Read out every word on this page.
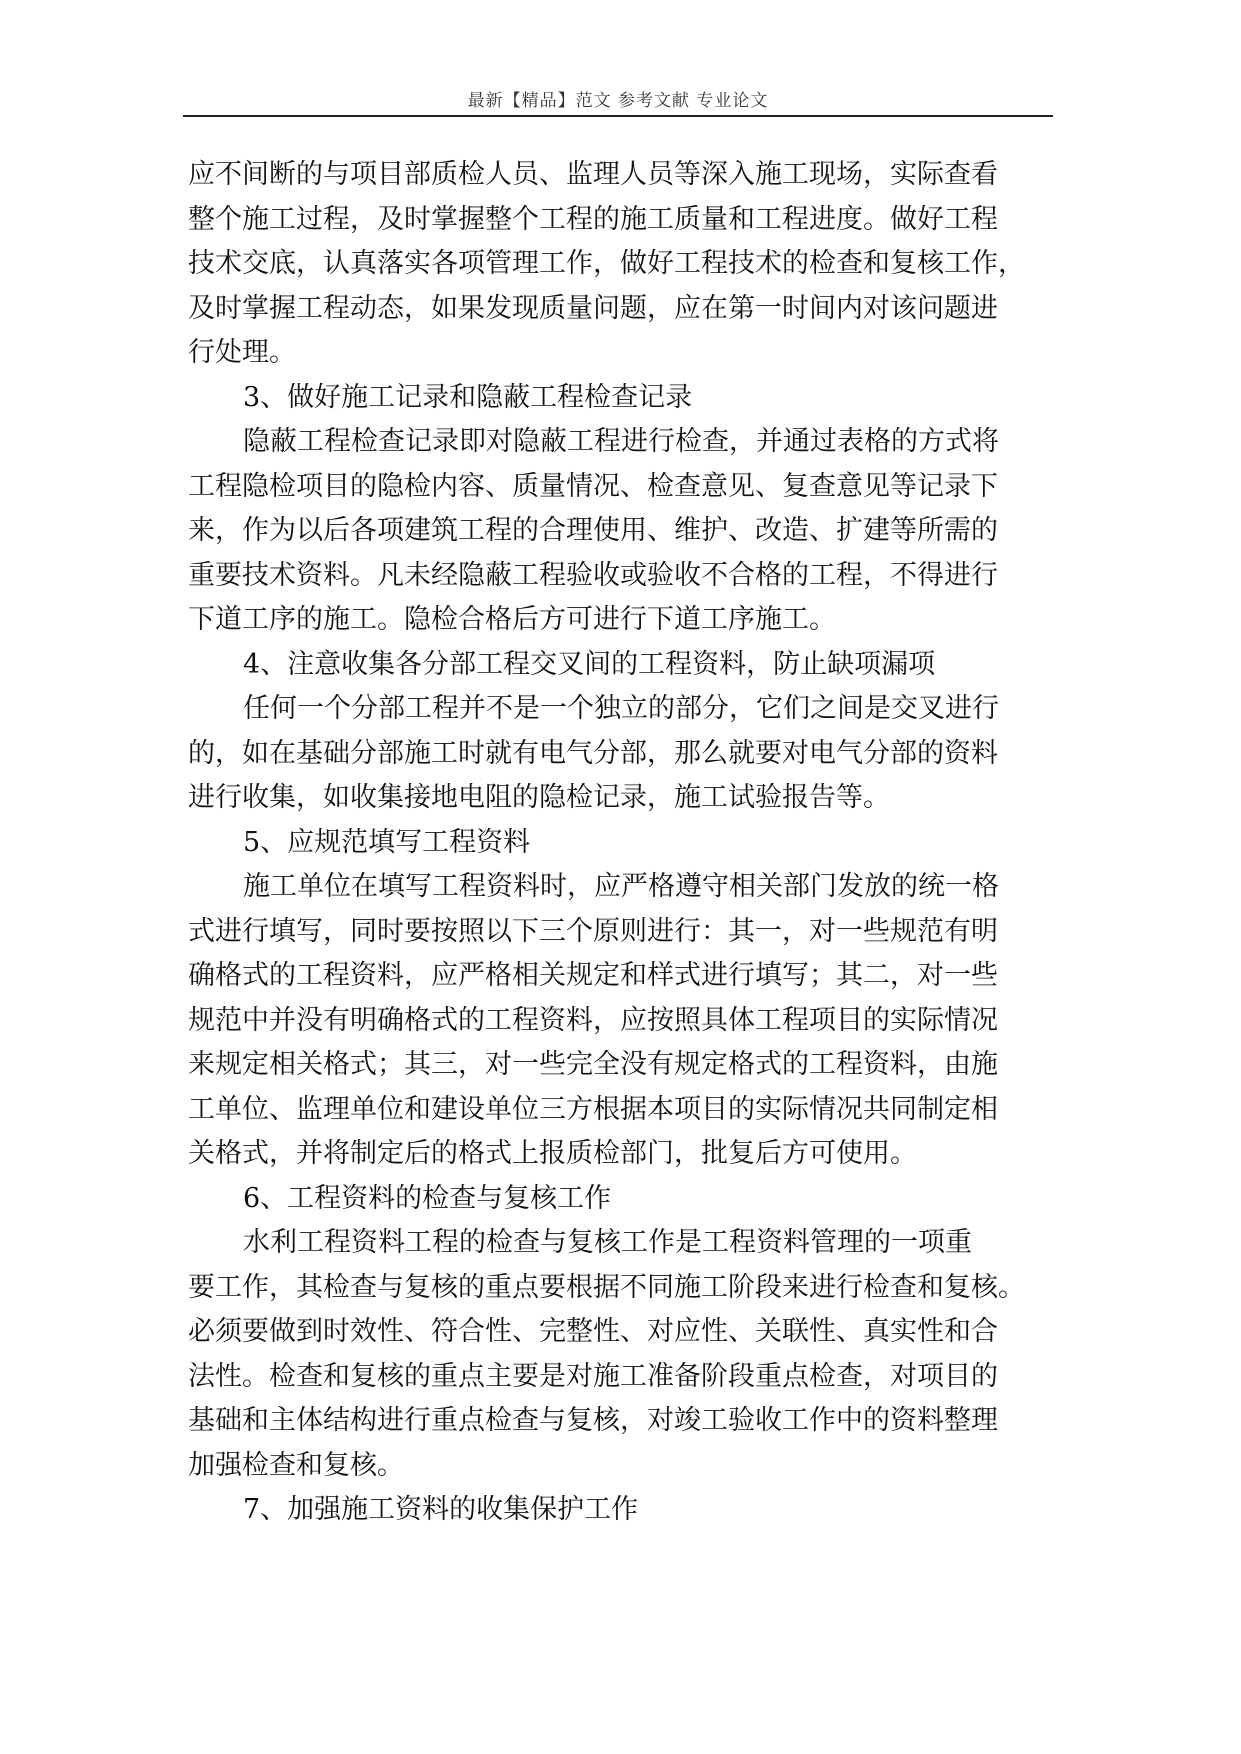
最新【精品】范文 参考文献 专业论文
应不间断的与项目部质检人员、监理人员等深入施工现场，实际查看
整个施工过程，及时掌握整个工程的施工质量和工程进度。做好工程
技术交底，认真落实各项管理工作，做好工程技术的检查和复核工作，
及时掌握工程动态，如果发现质量问题，应在第一时间内对该问题进
行处理。
3、做好施工记录和隐蔽工程检查记录
隐蔽工程检查记录即对隐蔽工程进行检查，并通过表格的方式将
工程隐检项目的隐检内容、质量情况、检查意见、复查意见等记录下
来，作为以后各项建筑工程的合理使用、维护、改造、扩建等所需的
重要技术资料。凡未经隐蔽工程验收或验收不合格的工程，不得进行
下道工序的施工。隐检合格后方可进行下道工序施工。
4、注意收集各分部工程交叉间的工程资料，防止缺项漏项
任何一个分部工程并不是一个独立的部分，它们之间是交叉进行
的，如在基础分部施工时就有电气分部，那么就要对电气分部的资料
进行收集，如收集接地电阻的隐检记录，施工试验报告等。
5、应规范填写工程资料
施工单位在填写工程资料时，应严格遵守相关部门发放的统一格
式进行填写，同时要按照以下三个原则进行：其一，对一些规范有明
确格式的工程资料，应严格相关规定和样式进行填写；其二，对一些
规范中并没有明确格式的工程资料，应按照具体工程项目的实际情况
来规定相关格式；其三，对一些完全没有规定格式的工程资料，由施
工单位、监理单位和建设单位三方根据本项目的实际情况共同制定相
关格式，并将制定后的格式上报质检部门，批复后方可使用。
6、工程资料的检查与复核工作
水利工程资料工程的检查与复核工作是工程资料管理的一项重
要工作，其检查与复核的重点要根据不同施工阶段来进行检查和复核。
必须要做到时效性、符合性、完整性、对应性、关联性、真实性和合
法性。检查和复核的重点主要是对施工准备阶段重点检查，对项目的
基础和主体结构进行重点检查与复核，对竣工验收工作中的资料整理
加强检查和复核。
7、加强施工资料的收集保护工作
